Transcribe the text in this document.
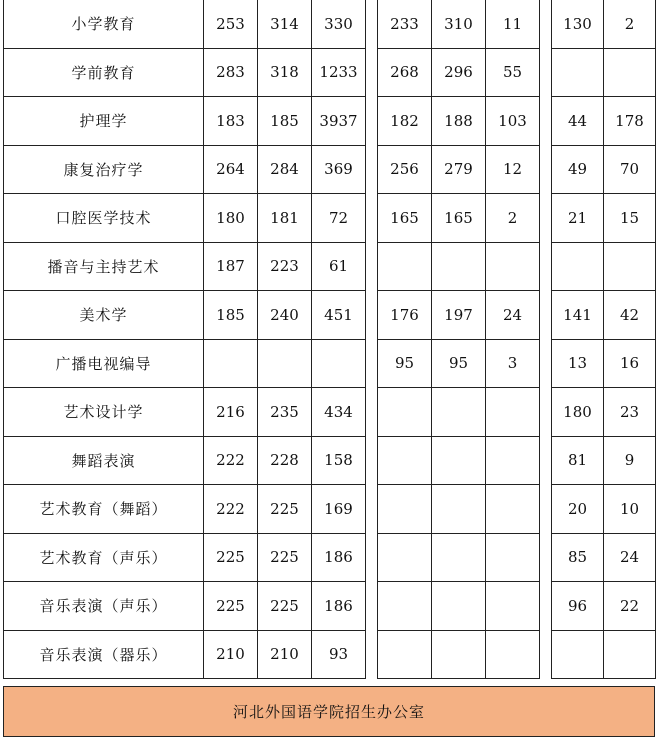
小学教育	253	314	330		233	310	11		130	2
学前教育	283	318	1233		268	296	55			
护理学	183	185	3937		182	188	103		44	178
康复治疗学	264	284	369		256	279	12		49	70
口腔医学技术	180	181	72		165	165	2		21	15
播音与主持艺术	187	223	61							
美术学	185	240	451		176	197	24		141	42
广播电视编导					95	95	3		13	16
艺术设计学	216	235	434						180	23
舞蹈表演	222	228	158						81	9
艺术教育（舞蹈）	222	225	169						20	10
艺术教育（声乐）	225	225	186						85	24
音乐表演（声乐）	225	225	186						96	22
音乐表演（器乐）	210	210	93							
河北外国语学院招生办公室
